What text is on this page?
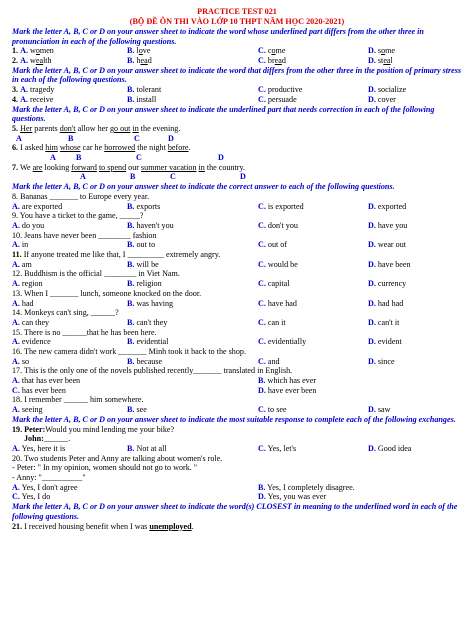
PRACTICE TEST 021
(BỘ ĐỀ ÔN THI VÀO LỚP 10 THPT NĂM HỌC 2020-2021)
Mark the letter A, B, C or D on your answer sheet to indicate the word whose underlined part differs from the other three in pronunciation in each of the following questions.
1. A. women	B. love	C. come	D. some
2. A. wealth	B. head	C. bread	D. steal
Mark the letter A, B, C or D on your answer sheet to indicate the word that differs from the other three in the position of primary stress in each of the following questions.
3. A. tragedy	B. tolerant	C. productive	D. socialize
4. A. receive	B. install	C. persuade	D. cover
Mark the letter A, B, C or D on your answer sheet to indicate the underlined part that needs correction in each of the following questions.
5. Her parents don't allow her go out in the evening.
A	B	C	D
6. I asked him whose car he borrowed the night before.
A B	C	D
7. We are looking forward to spend our summer vacation in the country.
A	B	C	D
Mark the letter A, B, C or D on your answer sheet to indicate the correct answer to each of the following questions.
8. Bananas _______ to Europe every year.
A. are exported	B. exports	C. is exported	D. exported
9. You have a ticket to the game, _____?
A. do you	B. haven't you	C. don't you	D. have you
10. Jeans have never been ________ fashion
A. in	B. out to	C. out of	D. wear out
11. If anyone treated me like that, I _________ extremely angry.
A. am	B. will be	C. would be	D. have been
12. Buddhism is the official ________ in Viet Nam.
A. region	B. religion	C. capital	D. currency
13. When I _______ lunch, someone knocked on the door.
A. had	B. was having	C. have had	D. had had
14. Monkeys can't sing, ______?
A. can they	B. can't they	C. can it	D. can't it
15. There is no ______that he has been here.
A. evidence	B. evidential	C. evidentially	D. evident
16. The new camera didn't work _______ Minh took it back to the shop.
A. so	B. because	C. and	D. since
17. This is the only one of the novels published recently_______ translated in English.
A. that has ever been	B. which has ever
C. has ever been	D. have ever been
18. I remember ______ him somewhere.
A. seeing	B. see	C. to see	D. saw
Mark the letter A, B, C or D on your answer sheet to indicate the most suitable response to complete each of the following exchanges.
19. Peter:Would you mind lending me your bike?
John:______.
A. Yes, here it is	B. Not at all	C. Yes, let's	D. Good idea
20. Two students Peter and Anny are talking about women's role.
- Peter: " In my opinion, women should not go to work. "
- Anny: "__________"
A. Yes, I don't agree	B. Yes, I completely disagree.
C. Yes, I do	D. Yes, you was ever
Mark the letter A, B, C or D on your answer sheet to indicate the word(s) CLOSEST in meaning to the underlined word in each of the following questions.
21. I received housing benefit when I was unemployed.
